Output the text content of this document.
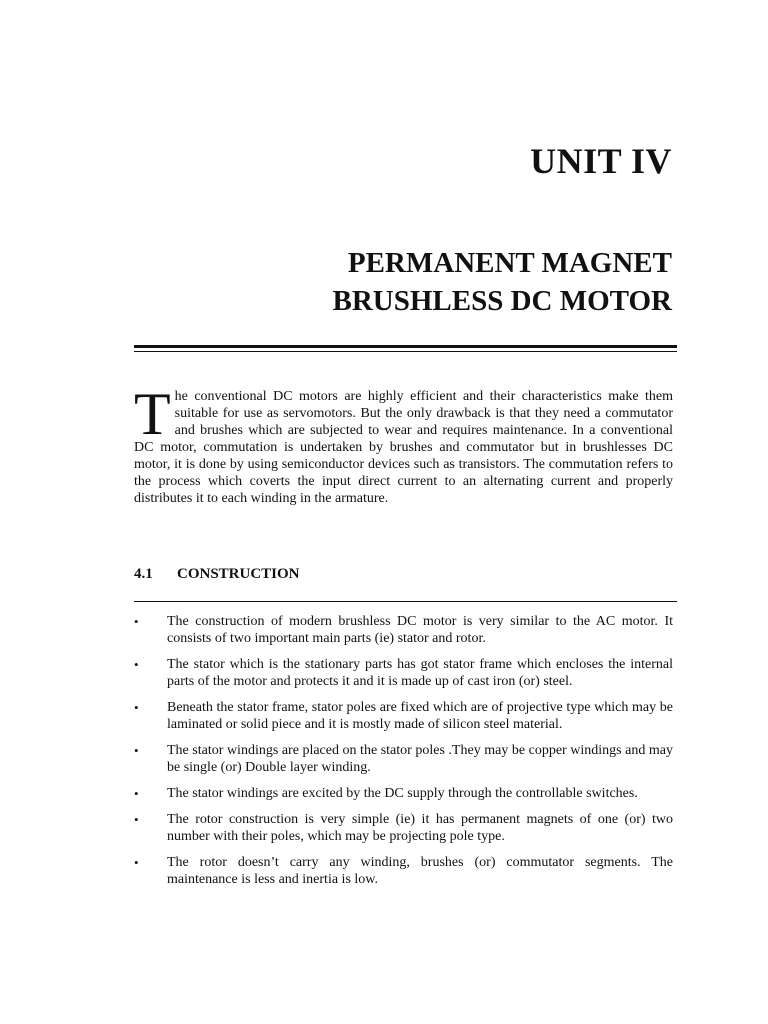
UNIT IV
PERMANENT MAGNET
BRUSHLESS DC MOTOR
The conventional DC motors are highly efficient and their characteristics make them suitable for use as servomotors. But the only drawback is that they need a commutator and brushes which are subjected to wear and requires maintenance. In a conventional DC motor, commutation is undertaken by brushes and commutator but in brushlesses DC motor, it is done by using semiconductor devices such as transistors. The commutation refers to the process which coverts the input direct current to an alternating current and properly distributes it to each winding in the armature.
4.1 CONSTRUCTION
• The construction of modern brushless DC motor is very similar to the AC motor. It consists of two important main parts (ie) stator and rotor.
• The stator which is the stationary parts has got stator frame which encloses the internal parts of the motor and protects it and it is made up of cast iron (or) steel.
• Beneath the stator frame, stator poles are fixed which are of projective type which may be laminated or solid piece and it is mostly made of silicon steel material.
• The stator windings are placed on the stator poles .They may be copper windings and may be single (or) Double layer winding.
• The stator windings are excited by the DC supply through the controllable switches.
• The rotor construction is very simple (ie) it has permanent magnets of one (or) two number with their poles, which may be projecting pole type.
• The rotor doesn’t carry any winding, brushes (or) commutator segments. The maintenance is less and inertia is low.
